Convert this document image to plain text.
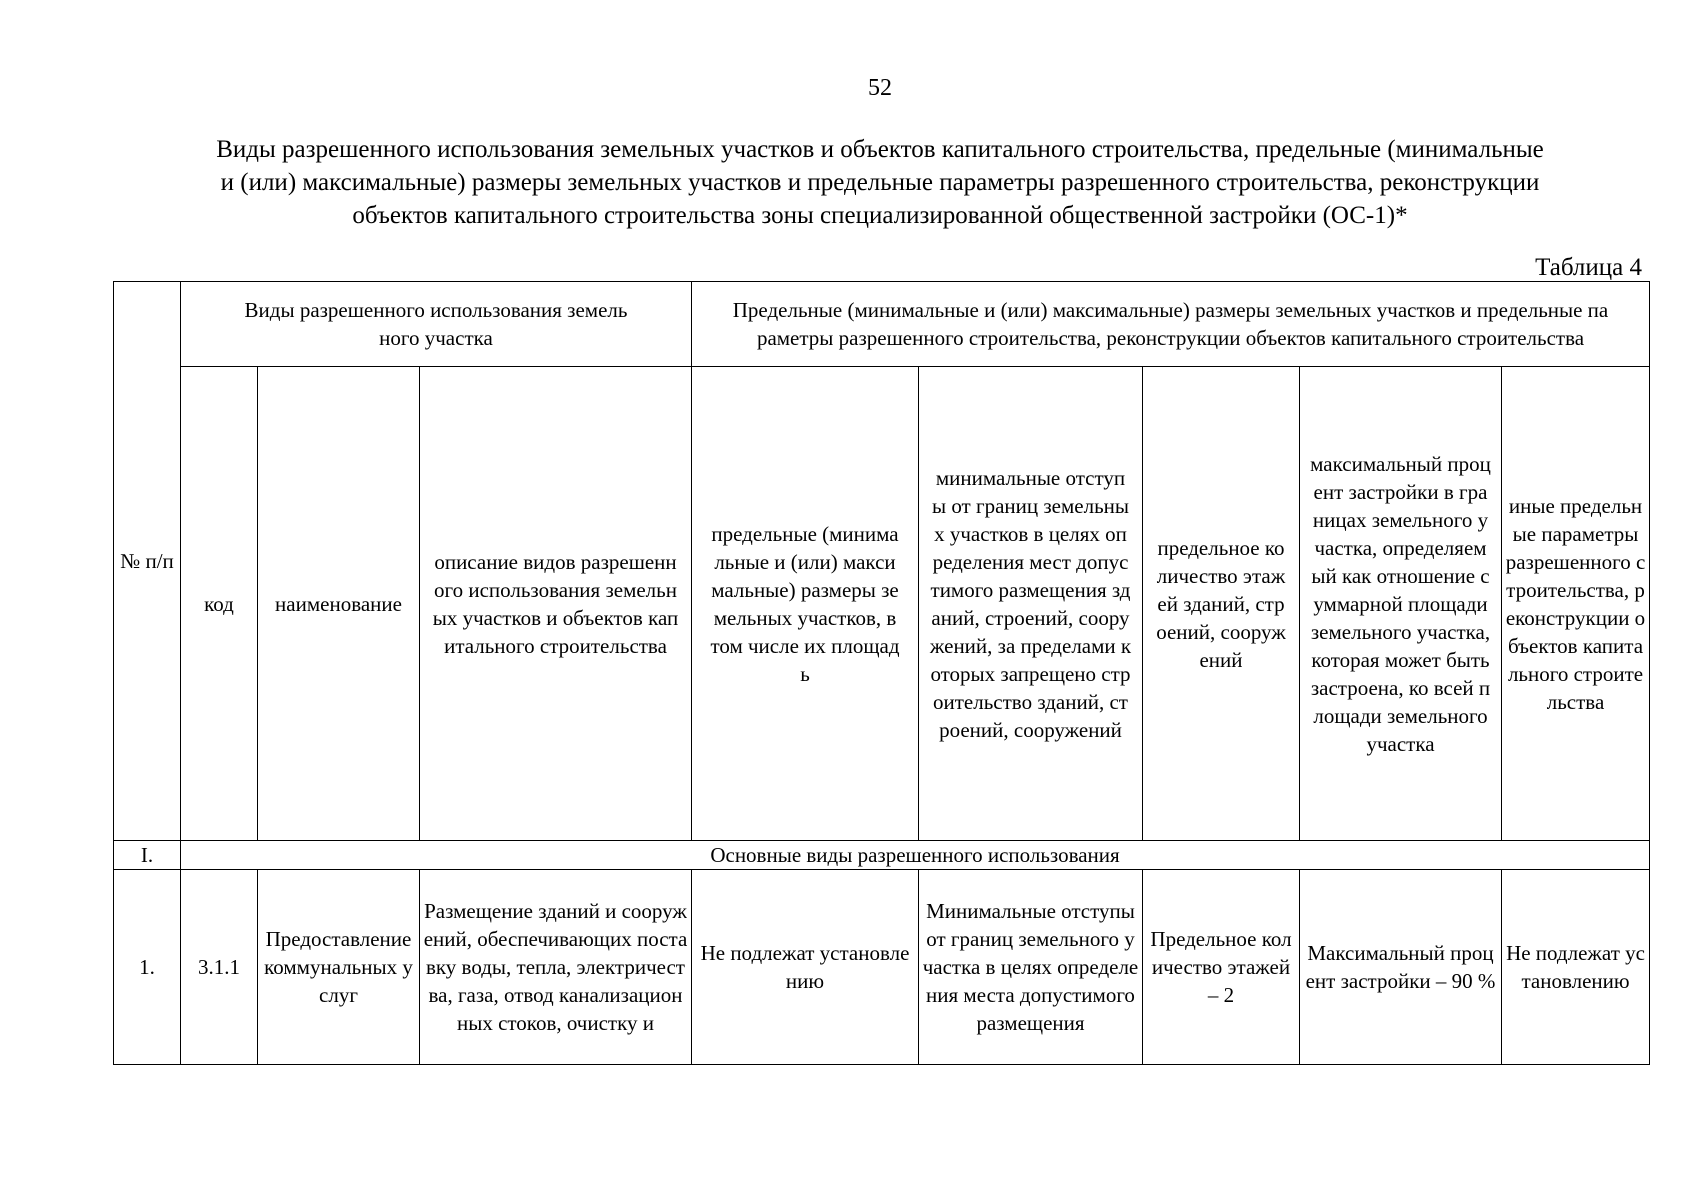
52
Виды разрешенного использования земельных участков и объектов капитального строительства, предельные (минимальные
и (или) максимальные) размеры земельных участков и предельные параметры разрешенного строительства, реконструкции
объектов капитального строительства зоны специализированной общественной застройки (ОС-1)*
Таблица 4
№ п/п	Виды разрешенного использования земельного участка			Предельные (минимальные и (или) максимальные) размеры земельных участков и предельные параметры разрешенного строительства, реконструкции объектов капитального строительства				
	код	наименование	описание видов разрешенного использования земельных участков и объектов капитального строительства	предельные (минимальные и (или) максимальные) размеры земельных участков, в том числе их площадь	минимальные отступы от границ земельных участков в целях определения мест допустимого размещения зданий, строений, сооружений, за пределами которых запрещено строительство зданий, строений, сооружений	предельное количество этажей зданий, строений, сооружений	максимальный процент застройки в границах земельного участка, определяемый как отношение суммарной площади земельного участка, которая может быть застроена, ко всей площади земельного участка	иные предельные параметры разрешенного строительства, реконструкции объектов капитального строительства
I.	Основные виды разрешенного использования							
1.	3.1.1	Предоставление коммунальных услуг	Размещение зданий и сооружений, обеспечивающих поставку воды, тепла, электричества, газа, отвод канализационных стоков, очистку и	Не подлежат установлению	Минимальные отступы от границ земельного участка в целях определения места допустимого размещения	Предельное количество этажей – 2	Максимальный процент застройки – 90 %	Не подлежат установлению
